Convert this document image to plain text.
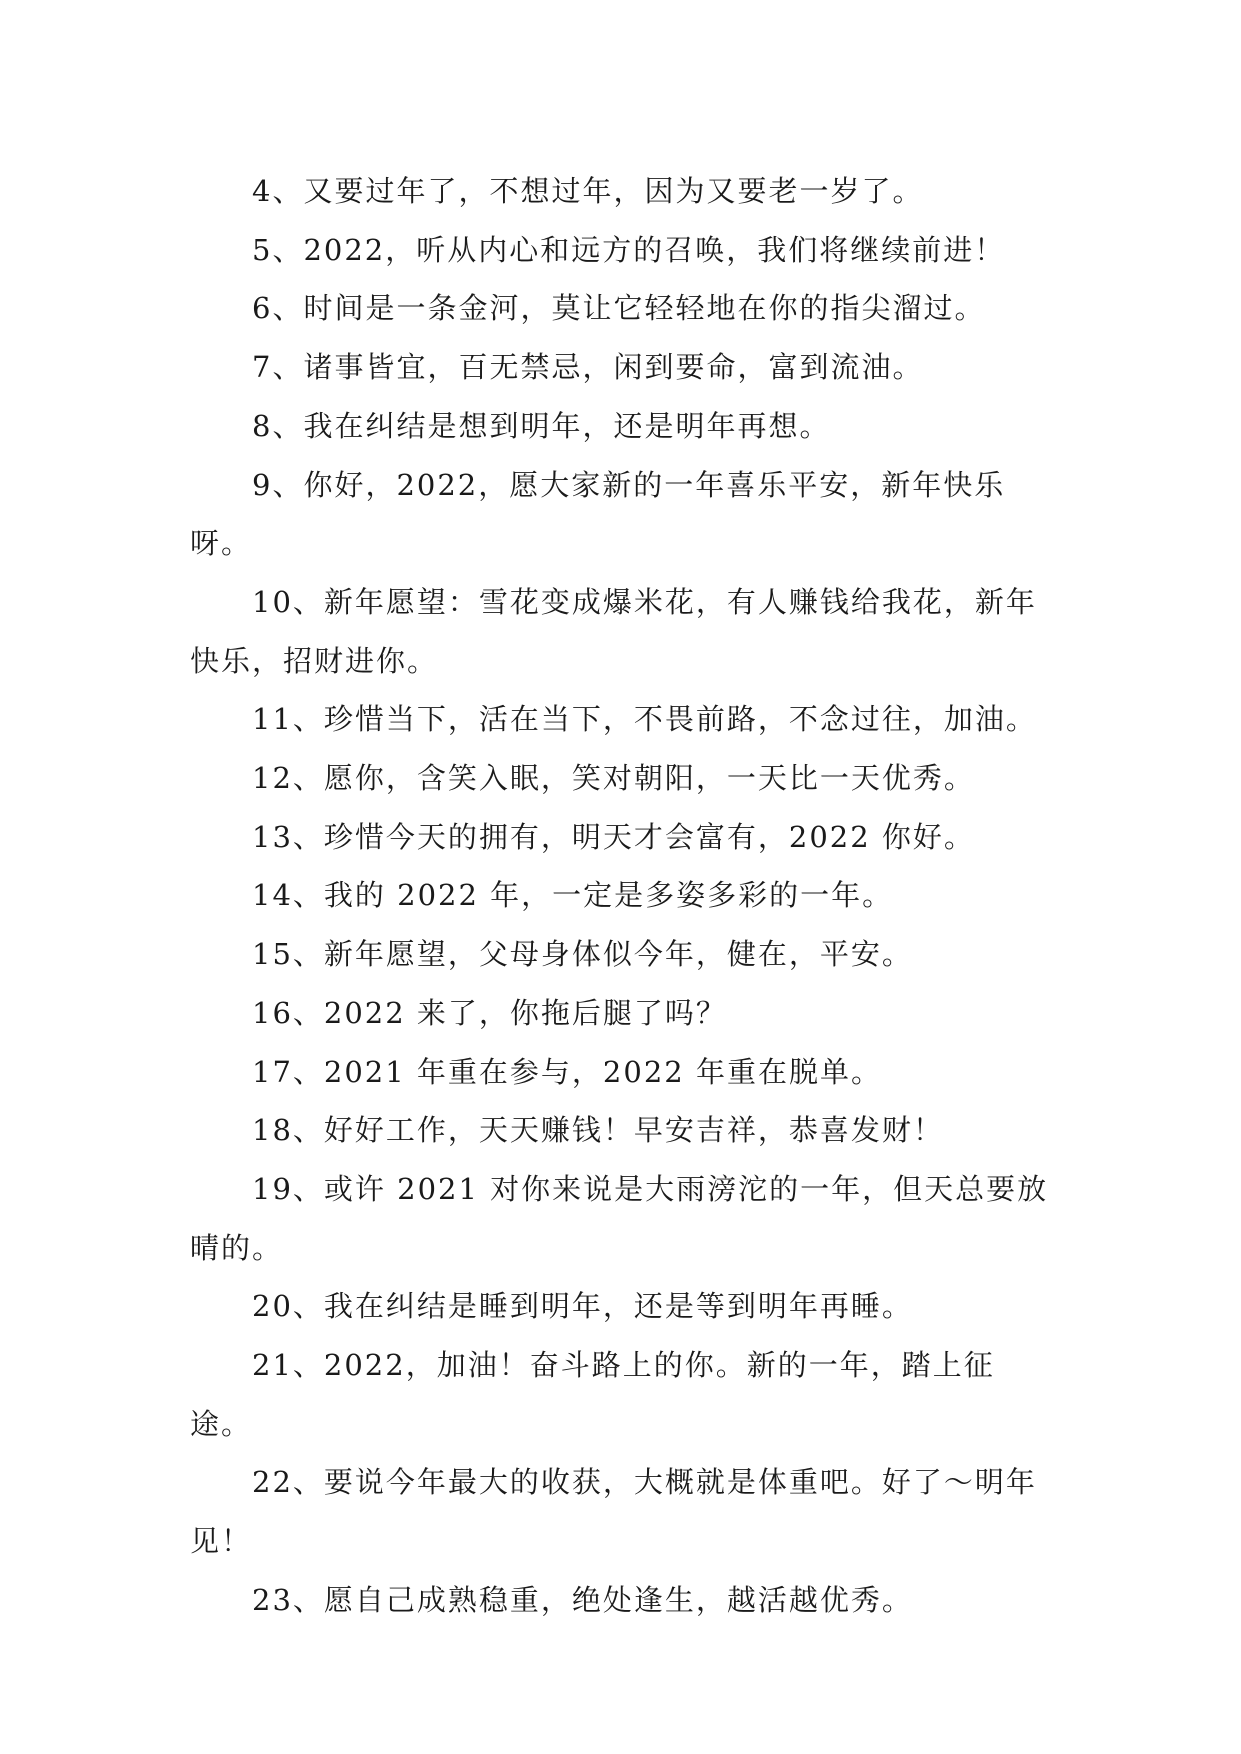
4、又要过年了，不想过年，因为又要老一岁了。

5、2022，听从内心和远方的召唤，我们将继续前进！

6、时间是一条金河，莫让它轻轻地在你的指尖溜过。

7、诸事皆宜，百无禁忌，闲到要命，富到流油。

8、我在纠结是想到明年，还是明年再想。

9、你好，2022，愿大家新的一年喜乐平安，新年快乐呀。

10、新年愿望：雪花变成爆米花，有人赚钱给我花，新年快乐，招财进你。

11、珍惜当下，活在当下，不畏前路，不念过往，加油。

12、愿你，含笑入眠，笑对朝阳，一天比一天优秀。

13、珍惜今天的拥有，明天才会富有，2022 你好。

14、我的 2022 年，一定是多姿多彩的一年。

15、新年愿望，父母身体似今年，健在，平安。

16、2022 来了，你拖后腿了吗？

17、2021 年重在参与，2022 年重在脱单。

18、好好工作，天天赚钱！早安吉祥，恭喜发财！

19、或许 2021 对你来说是大雨滂沱的一年，但天总要放晴的。

20、我在纠结是睡到明年，还是等到明年再睡。

21、2022，加油！奋斗路上的你。新的一年，踏上征途。

22、要说今年最大的收获，大概就是体重吧。好了～明年见！

23、愿自己成熟稳重，绝处逢生，越活越优秀。
